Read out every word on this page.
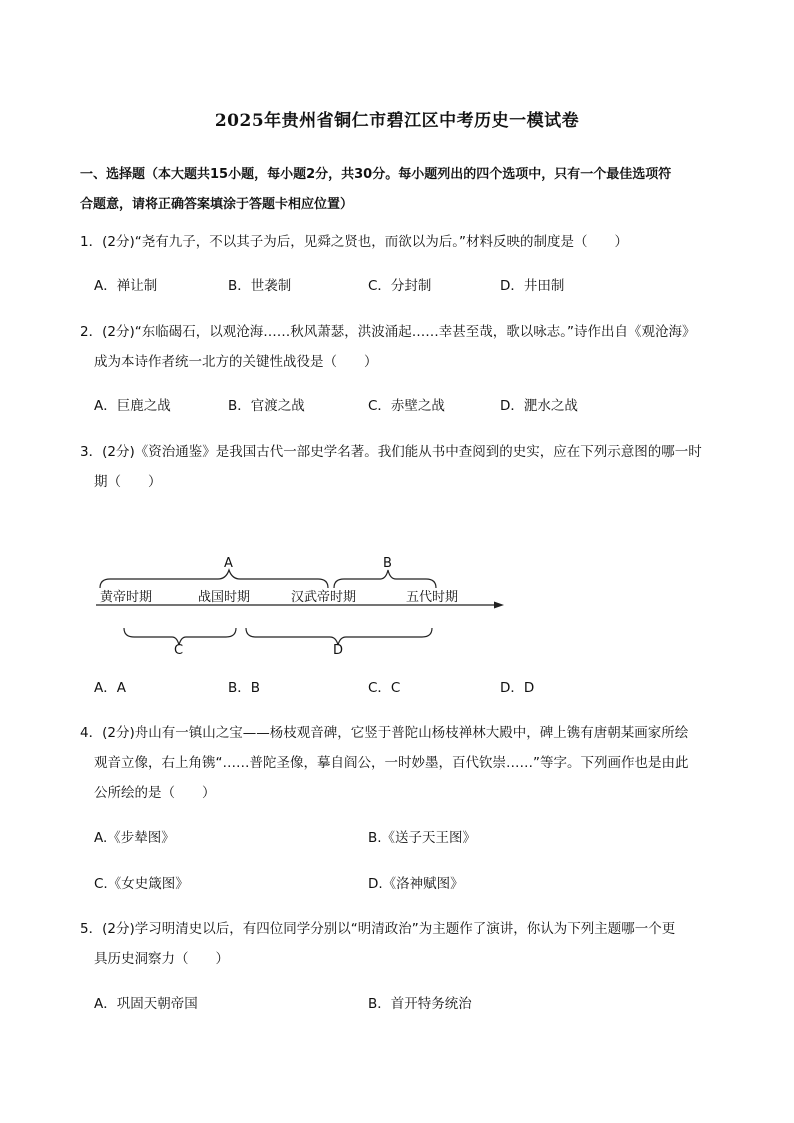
2025年贵州省铜仁市碧江区中考历史一模试卷
一、选择题（本大题共15小题，每小题2分，共30分。每小题列出的四个选项中，只有一个最佳选项符
合题意，请将正确答案填涂于答题卡相应位置）
1．(2分)“尧有九子，不以其子为后，见舜之贤也，而欲以为后。”材料反映的制度是（　　）
A．禅让制	B．世袭制	C．分封制	D．井田制
2．(2分)“东临碣石，以观沧海……秋风萧瑟，洪波涌起……幸甚至哉，歌以咏志。”诗作出自《观沧海》
成为本诗作者统一北方的关键性战役是（　　）
A．巨鹿之战	B．官渡之战	C．赤壁之战	D．淝水之战
3．(2分)《资治通鉴》是我国古代一部史学名著。我们能从书中查阅到的史实，应在下列示意图的哪一时
期（　　）
A	B
C	D
黄帝时期	战国时期	汉武帝时期	五代时期
A．A	B．B	C．C	D．D
4．(2分)舟山有一镇山之宝——杨枝观音碑，它竖于普陀山杨枝禅林大殿中，碑上镌有唐朝某画家所绘
观音立像，右上角镌“……普陀圣像，摹自阎公，一时妙墨，百代钦崇……”等字。下列画作也是由此
公所绘的是（　　）
A.《步辇图》	B.《送子天王图》
C.《女史箴图》	D.《洛神赋图》
5．(2分)学习明清史以后，有四位同学分别以“明清政治”为主题作了演讲，你认为下列主题哪一个更
具历史洞察力（　　）
A．巩固天朝帝国	B．首开特务统治
